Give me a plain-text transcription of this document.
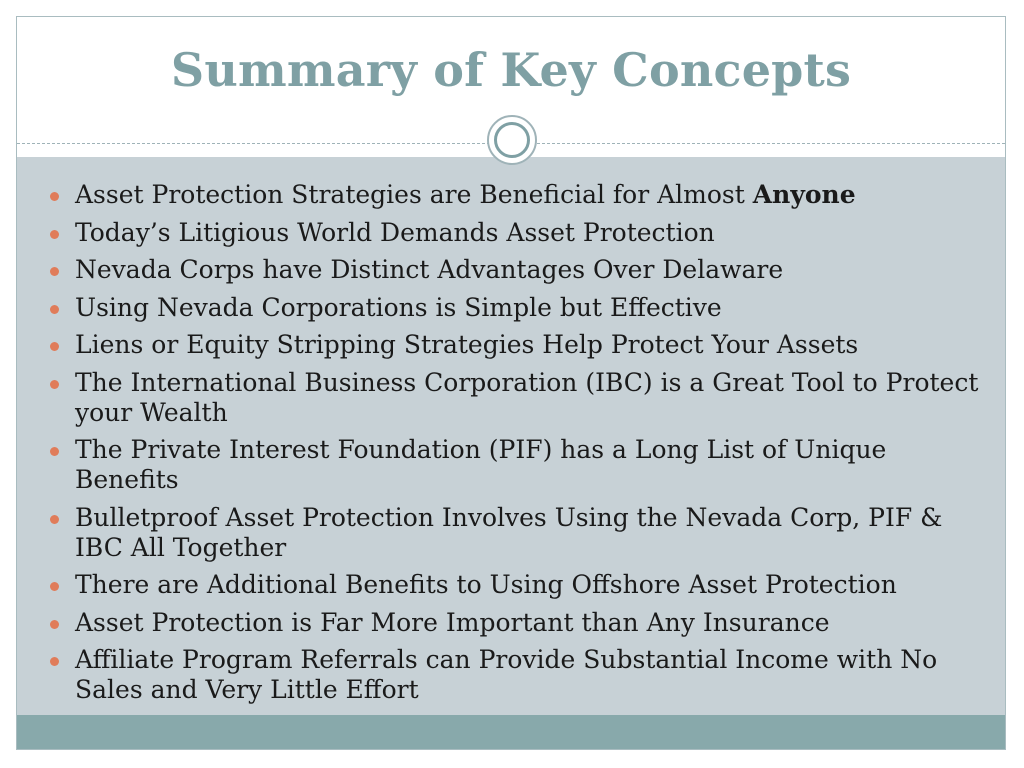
Summary of Key Concepts
Asset Protection Strategies are Beneficial for Almost Anyone
Today’s Litigious World Demands Asset Protection
Nevada Corps have Distinct Advantages Over Delaware
Using Nevada Corporations is Simple but Effective
Liens or Equity Stripping Strategies Help Protect Your Assets
The International Business Corporation (IBC) is a Great Tool to Protect your Wealth
The Private Interest Foundation (PIF) has a Long List of Unique Benefits
Bulletproof Asset Protection Involves Using the Nevada Corp, PIF & IBC All Together
There are Additional Benefits to Using Offshore Asset Protection
Asset Protection is Far More Important than Any Insurance
Affiliate Program Referrals can Provide Substantial Income with No Sales and Very Little Effort
